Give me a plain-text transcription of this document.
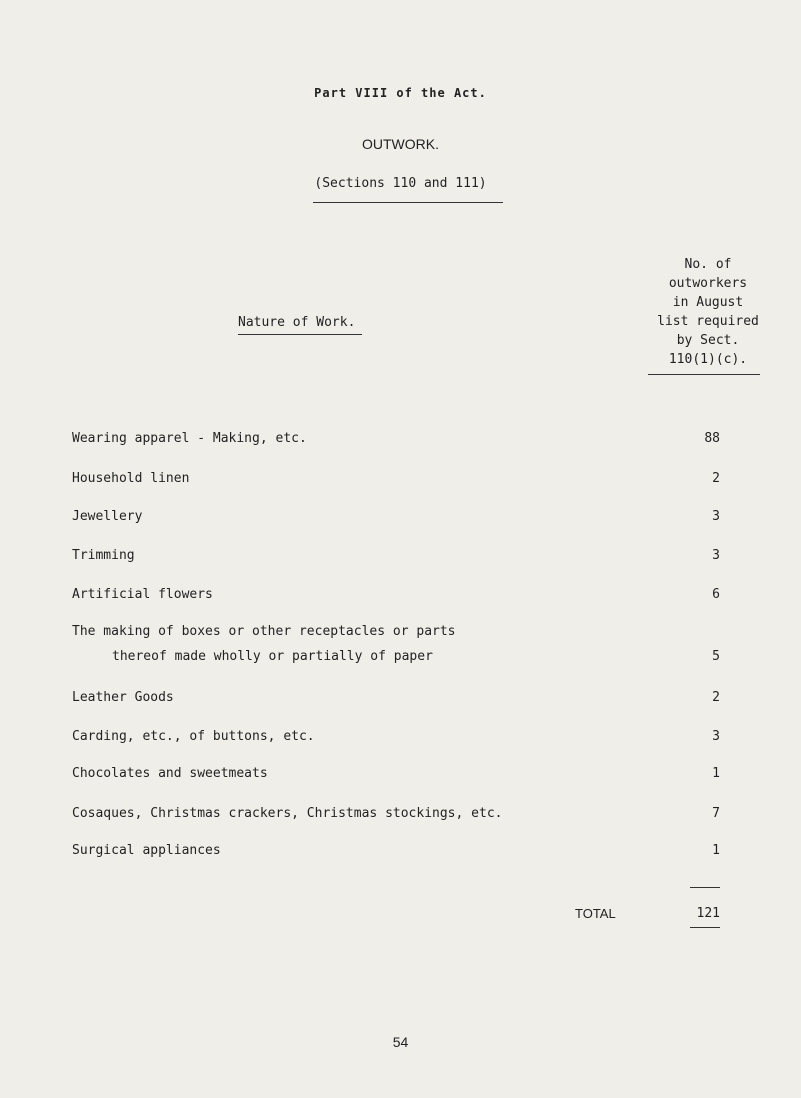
Part VIII of the Act.
OUTWORK.
(Sections 110 and 111)
Nature of Work.
No. of
outworkers
in August
list required
by Sect.
110(1)(c).
Wearing apparel - Making, etc.	88
Household linen	2
Jewellery	3
Trimming	3
Artificial flowers	6
The making of boxes or other receptacles or parts
thereof made wholly or partially of paper	5
Leather Goods	2
Carding, etc., of buttons, etc.	3
Chocolates and sweetmeats	1
Cosaques, Christmas crackers, Christmas stockings, etc.	7
Surgical appliances	1
TOTAL	121
54
